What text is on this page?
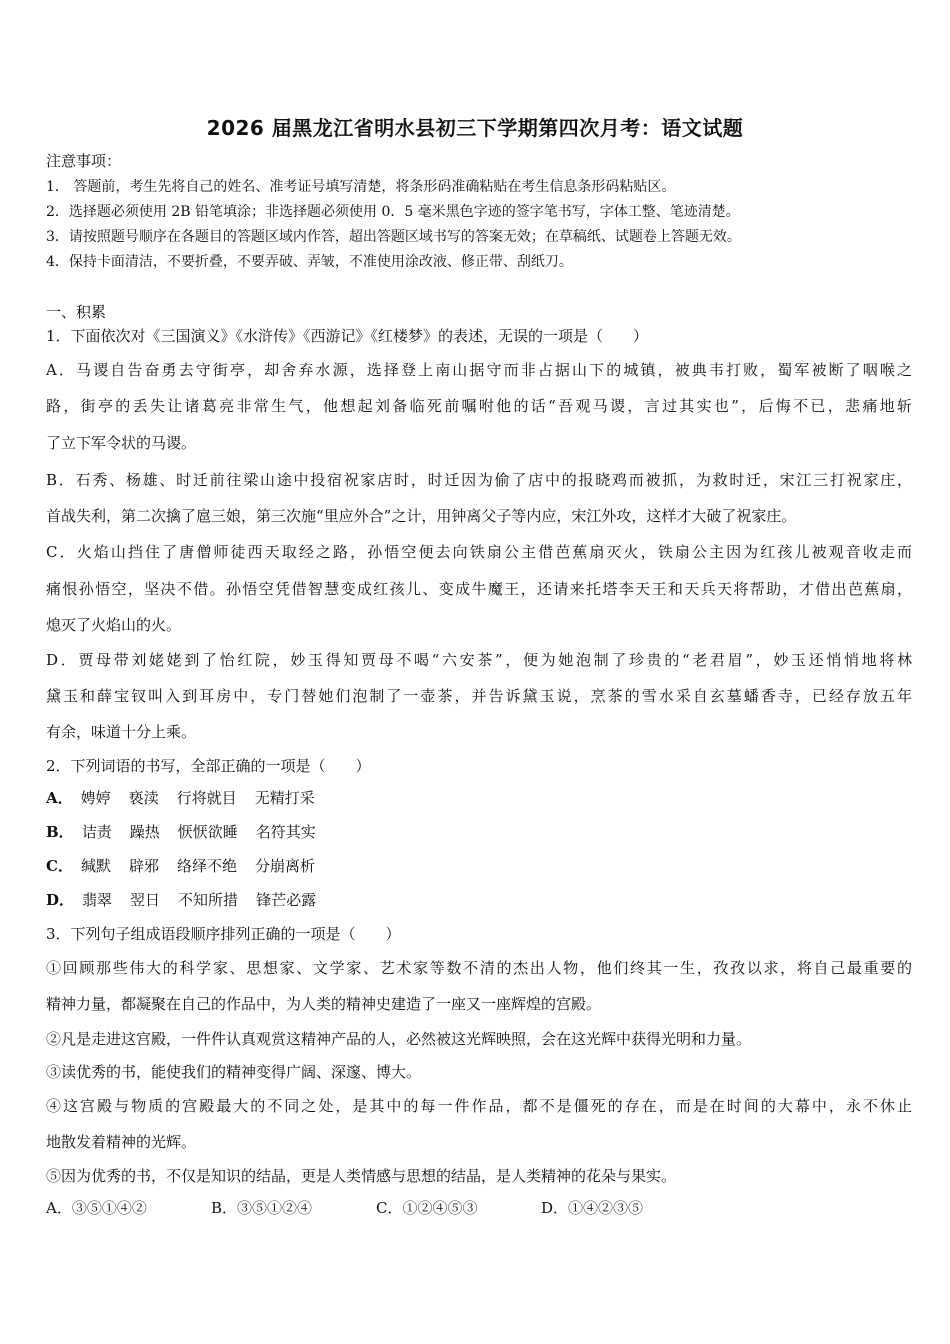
2026 届黑龙江省明水县初三下学期第四次月考：语文试题
注意事项：
1． 答题前，考生先将自己的姓名、准考证号填写清楚，将条形码准确粘贴在考生信息条形码粘贴区。
2．选择题必须使用 2B 铅笔填涂；非选择题必须使用 0．5 毫米黑色字迹的签字笔书写，字体工整、笔迹清楚。
3．请按照题号顺序在各题目的答题区域内作答，超出答题区域书写的答案无效；在草稿纸、试题卷上答题无效。
4．保持卡面清洁，不要折叠，不要弄破、弄皱，不准使用涂改液、修正带、刮纸刀。
一、积累
1．下面依次对《三国演义》《水浒传》《西游记》《红楼梦》的表述，无误的一项是（　　）
A．马谡自告奋勇去守街亭，却舍弃水源，选择登上南山据守而非占据山下的城镇，被典韦打败，蜀军被断了咽喉之
路，街亭的丢失让诸葛亮非常生气，他想起刘备临死前嘱咐他的话“吾观马谡，言过其实也”，后悔不已，悲痛地斩
了立下军令状的马谡。
B．石秀、杨雄、时迁前往梁山途中投宿祝家店时，时迁因为偷了店中的报晓鸡而被抓，为救时迁，宋江三打祝家庄，
首战失利，第二次擒了扈三娘，第三次施“里应外合”之计，用钟离父子等内应，宋江外攻，这样才大破了祝家庄。
C．火焰山挡住了唐僧师徒西天取经之路，孙悟空便去向铁扇公主借芭蕉扇灭火，铁扇公主因为红孩儿被观音收走而
痛恨孙悟空，坚决不借。孙悟空凭借智慧变成红孩儿、变成牛魔王，还请来托塔李天王和天兵天将帮助，才借出芭蕉扇，
熄灭了火焰山的火。
D．贾母带刘姥姥到了怡红院，妙玉得知贾母不喝“六安茶”，便为她泡制了珍贵的“老君眉”，妙玉还悄悄地将林
黛玉和薛宝钗叫入到耳房中，专门替她们泡制了一壶茶，并告诉黛玉说，烹茶的雪水采自玄墓蟠香寺，已经存放五年
有余，味道十分上乘。
2．下列词语的书写，全部正确的一项是（　　）
A． 娉婷 亵渎 行将就目 无精打采
B． 诘责 躁热 恹恹欲睡 名符其实
C． 缄默 辟邪 络绎不绝 分崩离析
D． 翡翠 翌日 不知所措 锋芒必露
3．下列句子组成语段顺序排列正确的一项是（　　）
①回顾那些伟大的科学家、思想家、文学家、艺术家等数不清的杰出人物，他们终其一生，孜孜以求，将自己最重要的
精神力量，都凝聚在自己的作品中，为人类的精神史建造了一座又一座辉煌的宫殿。
②凡是走进这宫殿，一件件认真观赏这精神产品的人，必然被这光辉映照，会在这光辉中获得光明和力量。
③读优秀的书，能使我们的精神变得广阔、深邃、博大。
④这宫殿与物质的宫殿最大的不同之处，是其中的每一件作品，都不是僵死的存在，而是在时间的大幕中，永不休止
地散发着精神的光辉。
⑤因为优秀的书，不仅是知识的结晶，更是人类情感与思想的结晶，是人类精神的花朵与果实。
A．③⑤①④②	B．③⑤①②④	C．①②④⑤③	D．①④②③⑤
